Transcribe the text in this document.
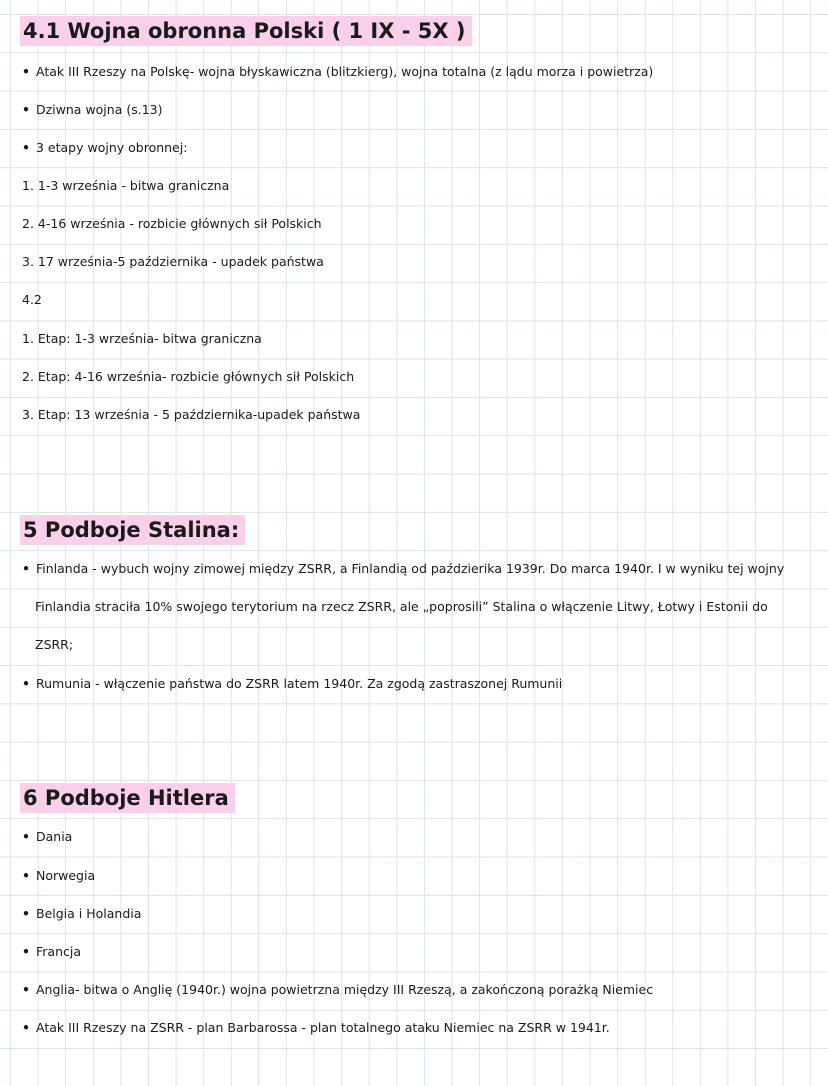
4.1 Wojna obronna Polski ( 1 IX - 5X )
• Atak III Rzeszy na Polskę- wojna błyskawiczna (blitzkierg), wojna totalna (z lądu morza i powietrza)
• Dziwna wojna (s.13)
• 3 etapy wojny obronnej:
1. 1-3 września - bitwa graniczna
2. 4-16 września - rozbicie głównych sił Polskich
3. 17 września-5 października - upadek państwa
4.2
1. Etap: 1-3 września- bitwa graniczna
2. Etap: 4-16 września- rozbicie głównych sił Polskich
3. Etap: 13 września - 5 października-upadek państwa
5 Podboje Stalina:
• Finlanda - wybuch wojny zimowej między ZSRR, a Finlandią od paździerika 1939r. Do marca 1940r. I w wyniku tej wojny
Finlandia straciła 10% swojego terytorium na rzecz ZSRR, ale „poprosili” Stalina o włączenie Litwy, Łotwy i Estonii do
ZSRR;
• Rumunia - włączenie państwa do ZSRR latem 1940r. Za zgodą zastraszonej Rumunii
6 Podboje Hitlera
• Dania
• Norwegia
• Belgia i Holandia
• Francja
• Anglia- bitwa o Anglię (1940r.) wojna powietrzna między III Rzeszą, a zakończoną porażką Niemiec
• Atak III Rzeszy na ZSRR - plan Barbarossa - plan totalnego ataku Niemiec na ZSRR w 1941r.
